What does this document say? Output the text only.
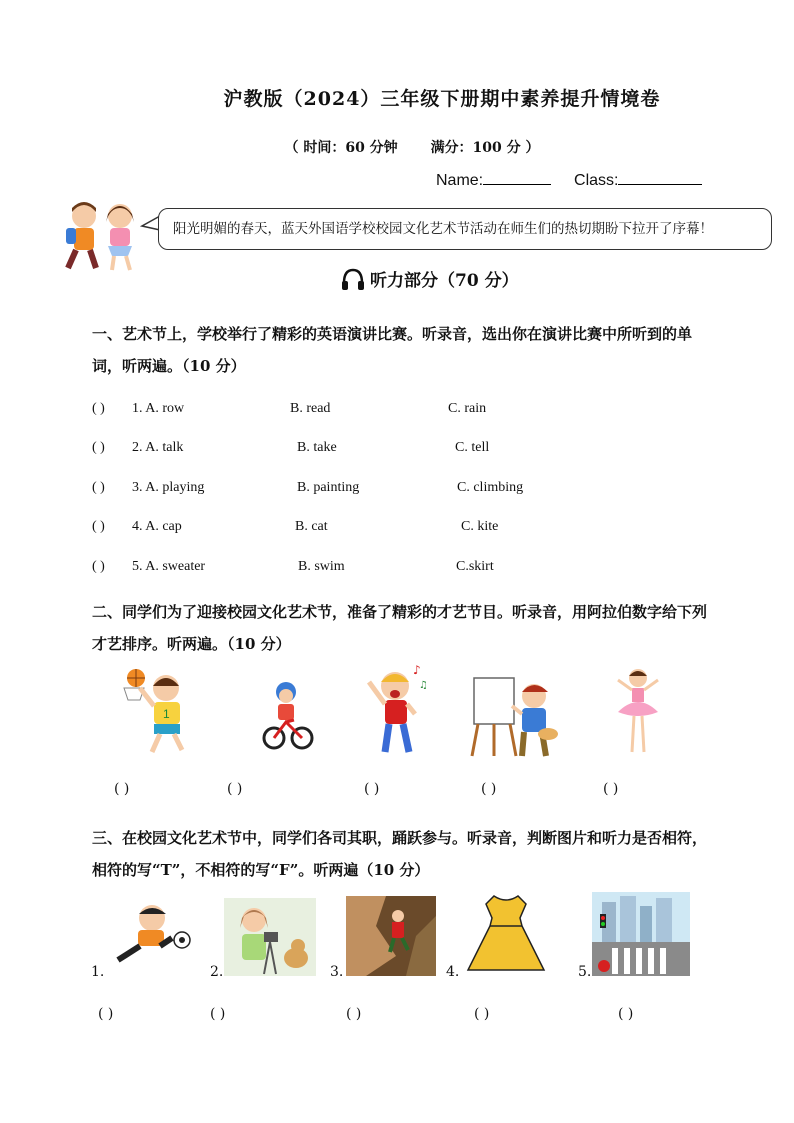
沪教版（2024）三年级下册期中素养提升情境卷
（ 时间：60 分钟 满分：100 分 ）
Name:	Class:
阳光明媚的春天，蓝天外国语学校校园文化艺术节活动在师生们的热切期盼下拉开了序幕！
听力部分（70 分）
一、艺术节上，学校举行了精彩的英语演讲比赛。听录音，选出你在演讲比赛中所听到的单词，听两遍。（10 分）
( ) 1. A. row	B. read	C. rain
( ) 2. A. talk	B. take	C. tell
( ) 3. A. playing	B. painting	C. climbing
( ) 4. A. cap	B. cat	C. kite
( ) 5. A. sweater	B. swim	C.skirt
二、同学们为了迎接校园文化艺术节，准备了精彩的才艺节目。听录音，用阿拉伯数字给下列才艺排序。听两遍。（10 分）
1
♪
♫
( )	( )	( )	( )	( )
三、在校园文化艺术节中，同学们各司其职，踊跃参与。听录音，判断图片和听力是否相符，相符的写“T”，不相符的写“F”。听两遍（10 分）
1.	2.	3.	4.	5.
( )	( )	( )	( )	( )
